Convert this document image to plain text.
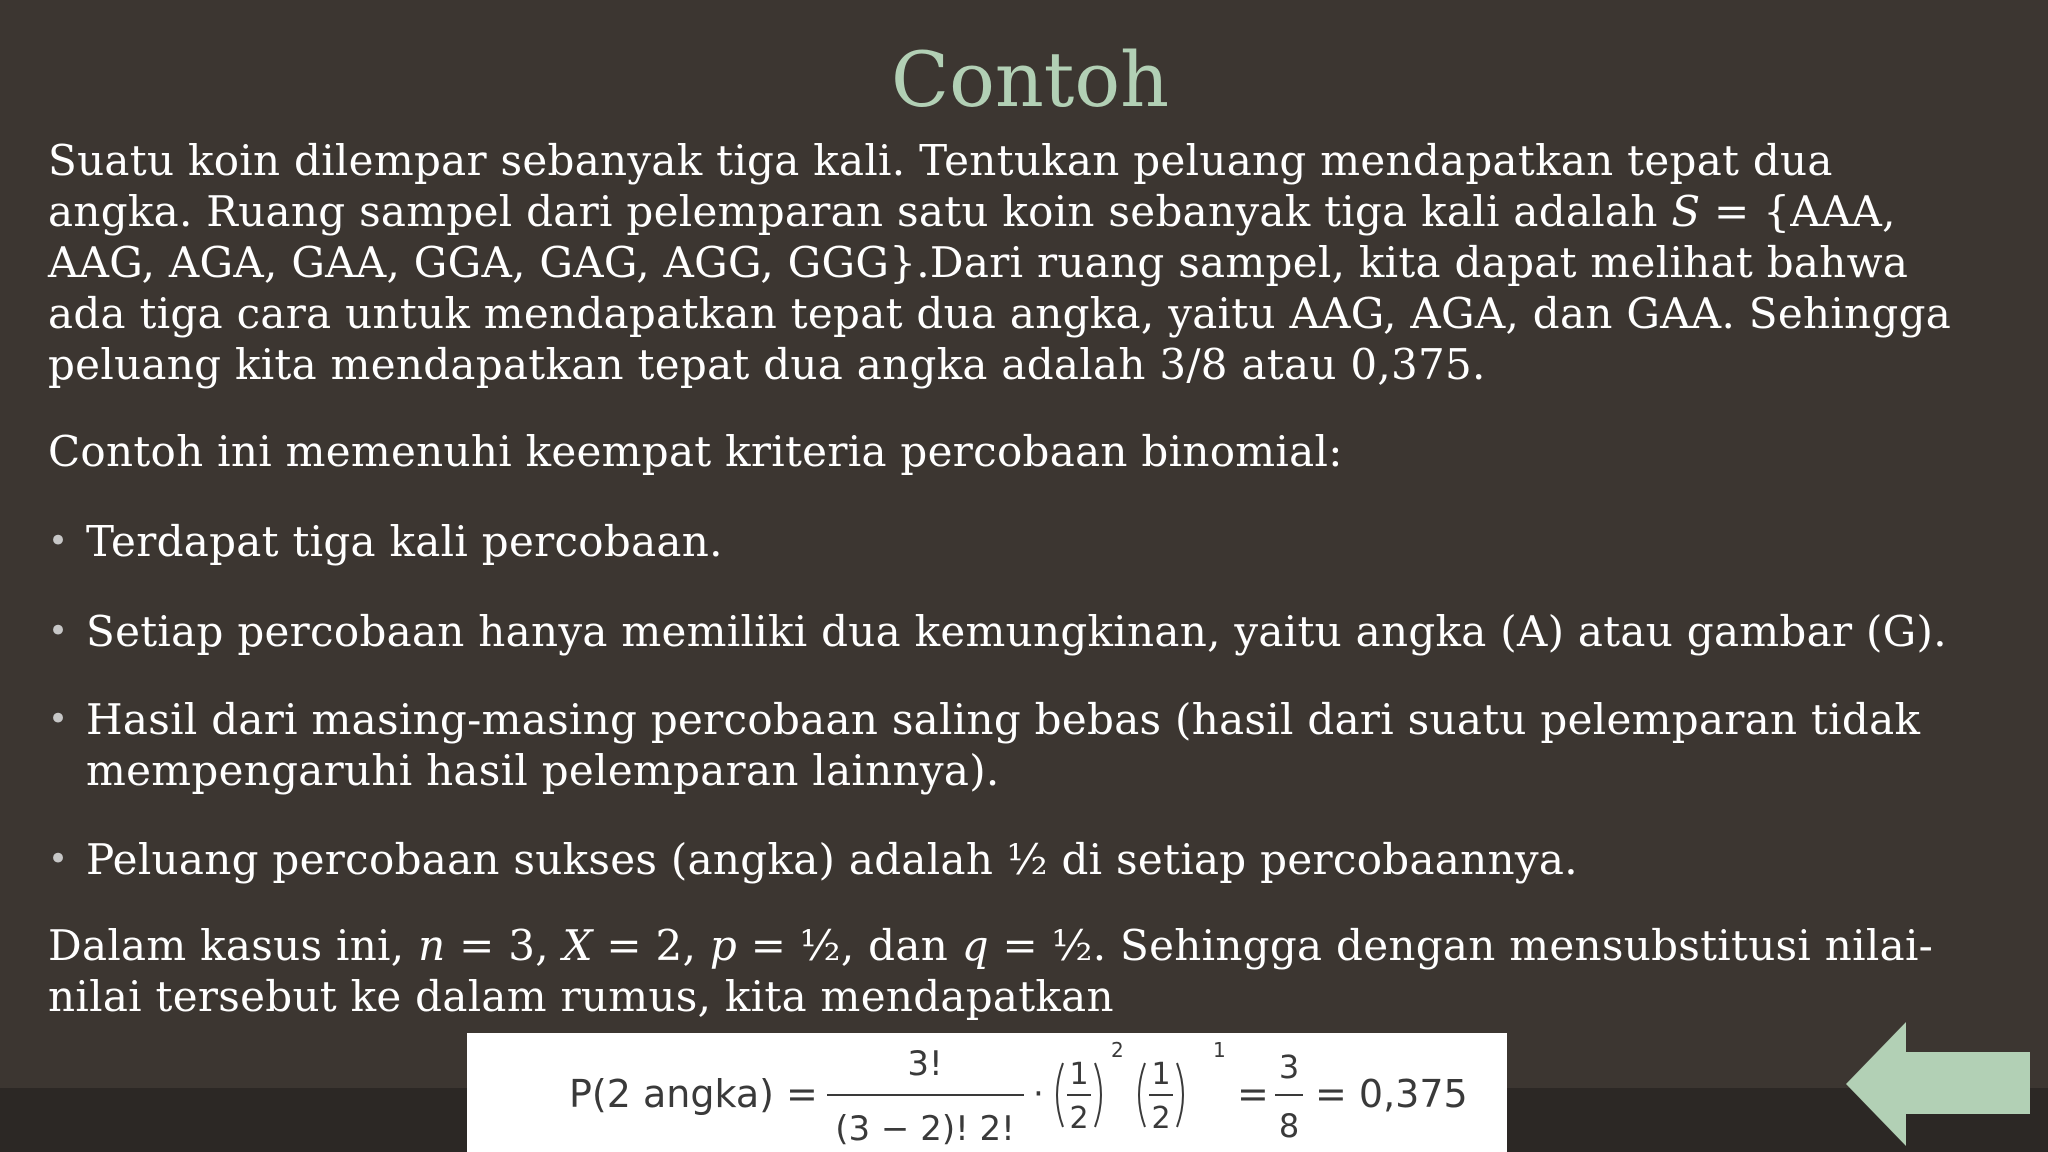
Contoh

Suatu koin dilempar sebanyak tiga kali. Tentukan peluang mendapatkan tepat dua
angka. Ruang sampel dari pelemparan satu koin sebanyak tiga kali adalah S = {AAA,
AAG, AGA, GAA, GGA, GAG, AGG, GGG}.Dari ruang sampel, kita dapat melihat bahwa
ada tiga cara untuk mendapatkan tepat dua angka, yaitu AAG, AGA, dan GAA. Sehingga
peluang kita mendapatkan tepat dua angka adalah 3/8 atau 0,375.

Contoh ini memenuhi keempat kriteria percobaan binomial:

• Terdapat tiga kali percobaan.
• Setiap percobaan hanya memiliki dua kemungkinan, yaitu angka (A) atau gambar (G).
• Hasil dari masing-masing percobaan saling bebas (hasil dari suatu pelemparan tidak
mempengaruhi hasil pelemparan lainnya).
• Peluang percobaan sukses (angka) adalah ½ di setiap percobaannya.

Dalam kasus ini, n = 3, X = 2, p = ½, dan q = ½. Sehingga dengan mensubstitusi nilai-
nilai tersebut ke dalam rumus, kita mendapatkan

P(2 angka) =
3!
(3 − 2)! 2!
· 1
2
2
1
2
1
=
3
8
= 0,375
